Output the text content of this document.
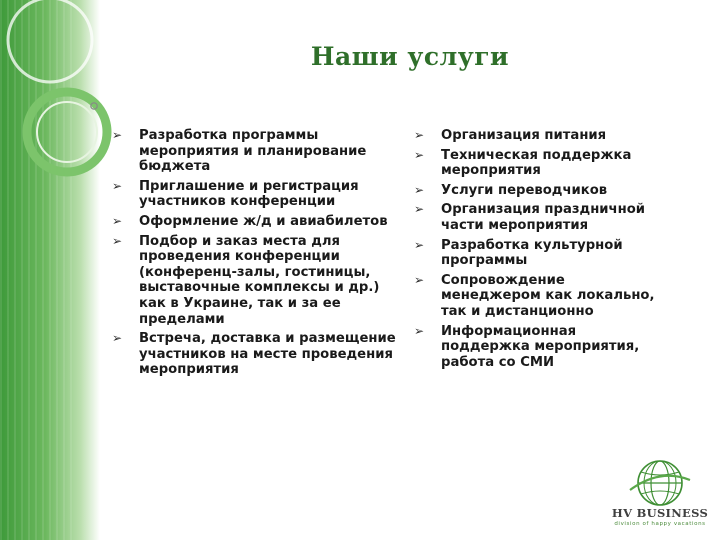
Наши услуги
➢ Разработка программы мероприятия и планирование бюджета
➢ Приглашение и регистрация участников конференции
➢ Оформление ж/д и авиабилетов
➢ Подбор и заказ места для проведения конференции (конференц-залы, гостиницы, выставочные комплексы и др.) как в Украине, так и за ее пределами
➢ Встреча, доставка и размещение участников на месте проведения мероприятия
➢ Организация питания
➢ Техническая поддержка мероприятия
➢ Услуги переводчиков
➢ Организация праздничной части мероприятия
➢ Разработка культурной программы
➢ Сопровождение менеджером как локально, так и дистанционно
➢ Информационная поддержка мероприятия, работа со СМИ
HV BUSINESS
division of happy vacations
